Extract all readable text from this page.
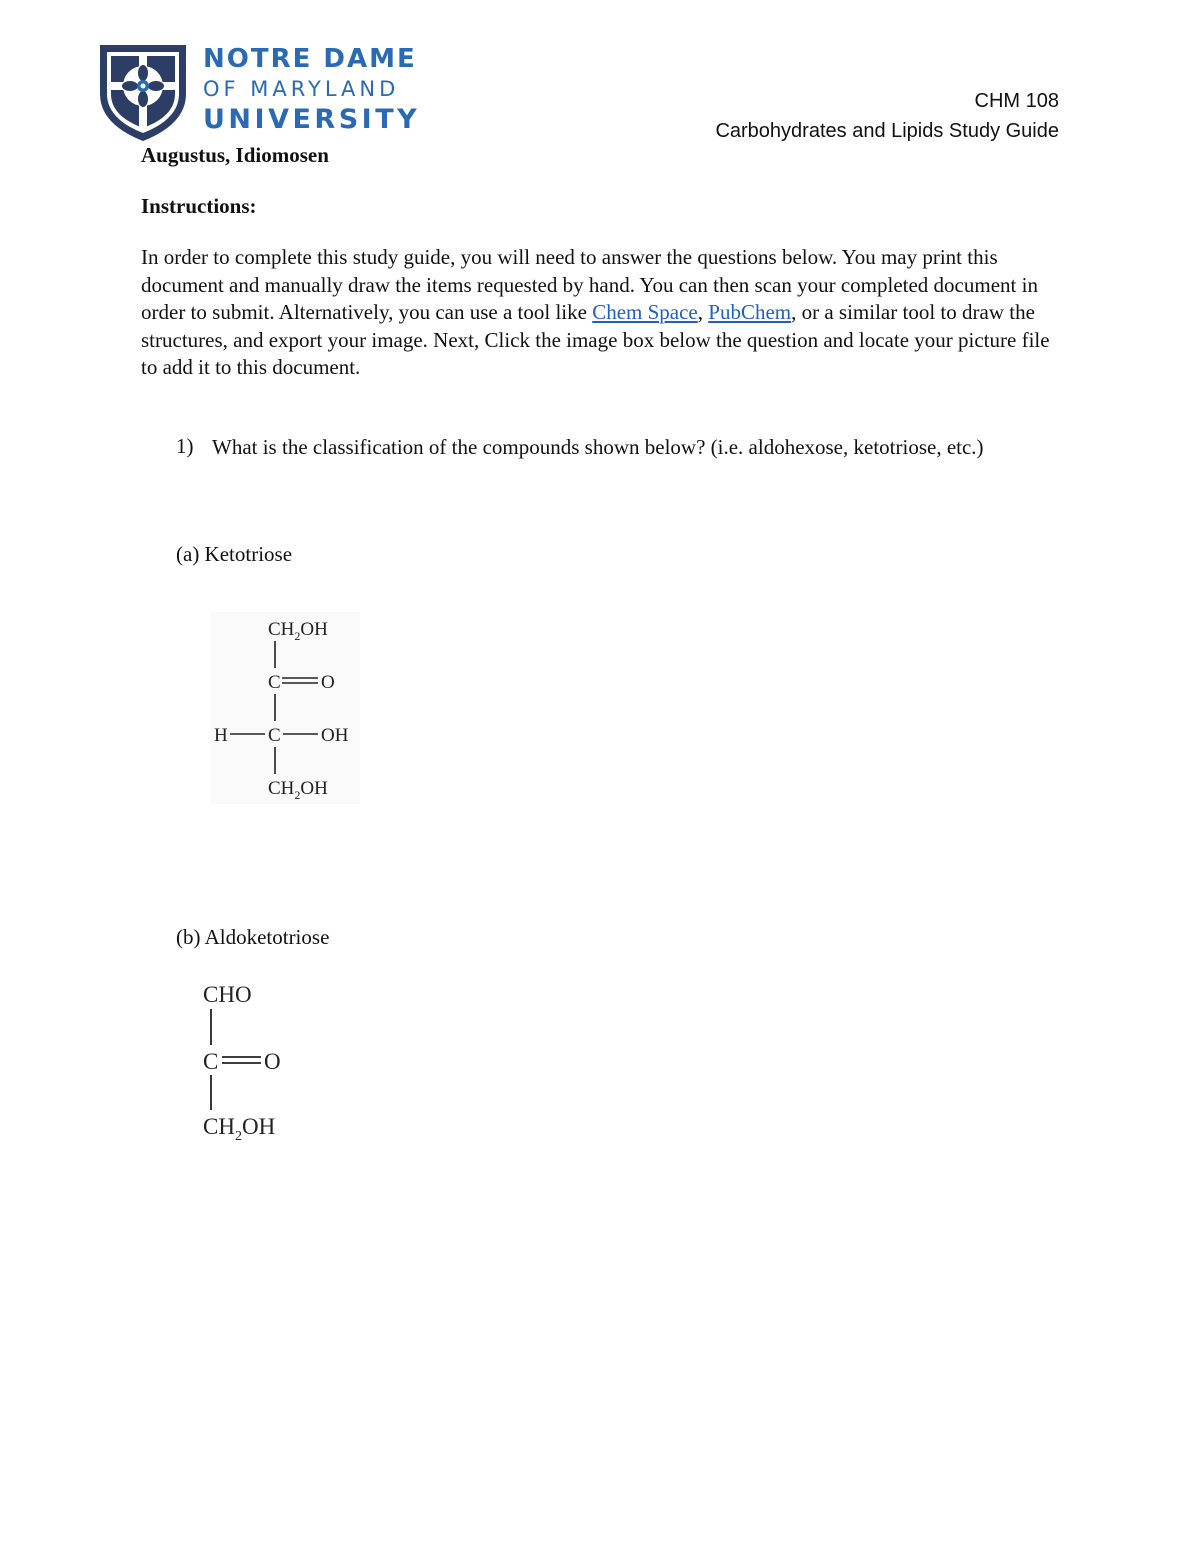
NOTRE DAME
OF MARYLAND
UNIVERSITY
CHM 108
Carbohydrates and Lipids Study Guide
Augustus, Idiomosen
Instructions:

In order to complete this study guide, you will need to answer the questions below. You may print this document and manually draw the items requested by hand. You can then scan your completed document in order to submit. Alternatively, you can use a tool like Chem Space, PubChem, or a similar tool to draw the structures, and export your image. Next, Click the image box below the question and locate your picture file to add it to this document.

1) What is the classification of the compounds shown below? (i.e. aldohexose, ketotriose, etc.)
(a) Ketotriose
$CH_2OH$
C O
H C OH
$CH_2OH$
(b) Aldoketotriose
CHO
C O
$CH_2OH$
